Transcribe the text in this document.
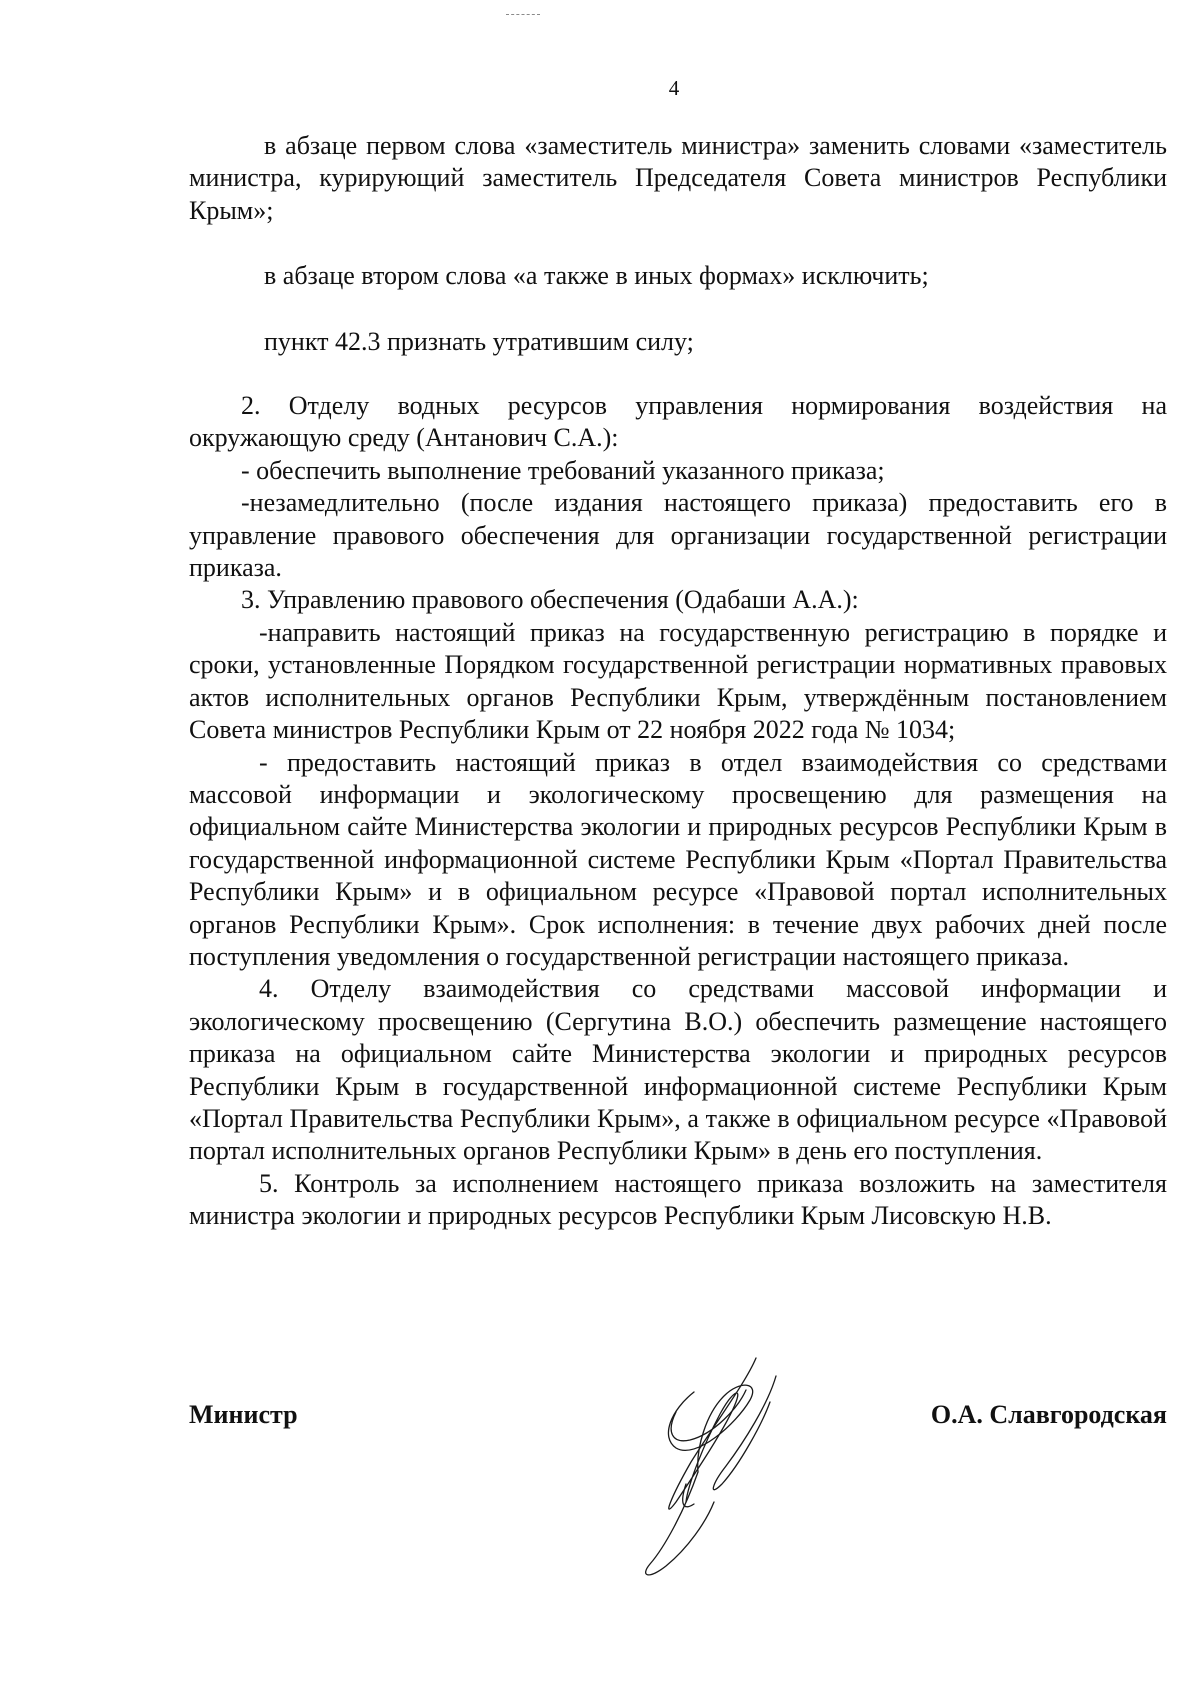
4

в абзаце первом слова «заместитель министра» заменить словами «заместитель министра, курирующий заместитель Председателя Совета министров Республики Крым»;

в абзаце втором слова «а также в иных формах» исключить;

пункт 42.3 признать утратившим силу;

2. Отделу водных ресурсов управления нормирования воздействия на окружающую среду (Антанович С.А.):

- обеспечить выполнение требований указанного приказа;

-незамедлительно (после издания настоящего приказа) предоставить его в управление правового обеспечения для организации государственной регистрации приказа.

3. Управлению правового обеспечения (Одабаши А.А.):

-направить настоящий приказ на государственную регистрацию в порядке и сроки, установленные Порядком государственной регистрации нормативных правовых актов исполнительных органов Республики Крым, утверждённым постановлением Совета министров Республики Крым от 22 ноября 2022 года № 1034;

- предоставить настоящий приказ в отдел взаимодействия со средствами массовой информации и экологическому просвещению для размещения на официальном сайте Министерства экологии и природных ресурсов Республики Крым в государственной информационной системе Республики Крым «Портал Правительства Республики Крым» и в официальном ресурсе «Правовой портал исполнительных органов Республики Крым». Срок исполнения: в течение двух рабочих дней после поступления уведомления о государственной регистрации настоящего приказа.

4. Отделу взаимодействия со средствами массовой информации и экологическому просвещению (Сергутина В.О.) обеспечить размещение настоящего приказа на официальном сайте Министерства экологии и природных ресурсов Республики Крым в государственной информационной системе Республики Крым «Портал Правительства Республики Крым», а также в официальном ресурсе «Правовой портал исполнительных органов Республики Крым» в день его поступления.

5. Контроль за исполнением настоящего приказа возложить на заместителя министра экологии и природных ресурсов Республики Крым Лисовскую Н.В.

Министр	О.А. Славгородская
